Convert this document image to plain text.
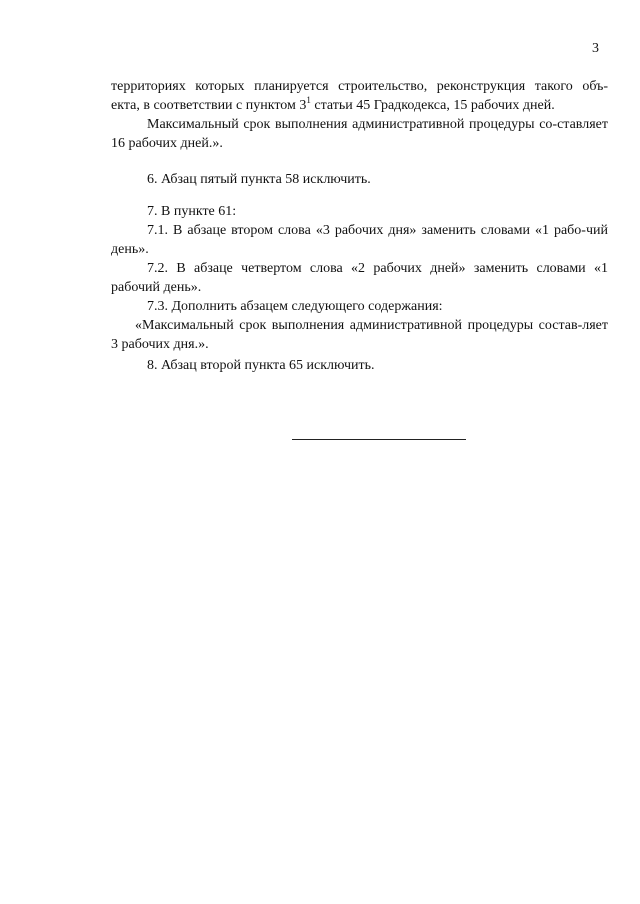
3

территориях которых планируется строительство, реконструкция такого объ-

екта, в соответствии с пунктом $3^1$ статьи 45 Градкодекса, 15 рабочих дней.

Максимальный срок выполнения административной процедуры со-ставляет 16 рабочих дней.».

6. Абзац пятый пункта 58 исключить.

7. В пункте 61:

7.1. В абзаце втором слова «3 рабочих дня» заменить словами «1 рабо-чий день».

7.2. В абзаце четвертом слова «2 рабочих дней» заменить словами «1 рабочий день».

7.3. Дополнить абзацем следующего содержания:

«Максимальный срок выполнения административной процедуры состав-ляет 3 рабочих дня.».

8. Абзац второй пункта 65 исключить.
